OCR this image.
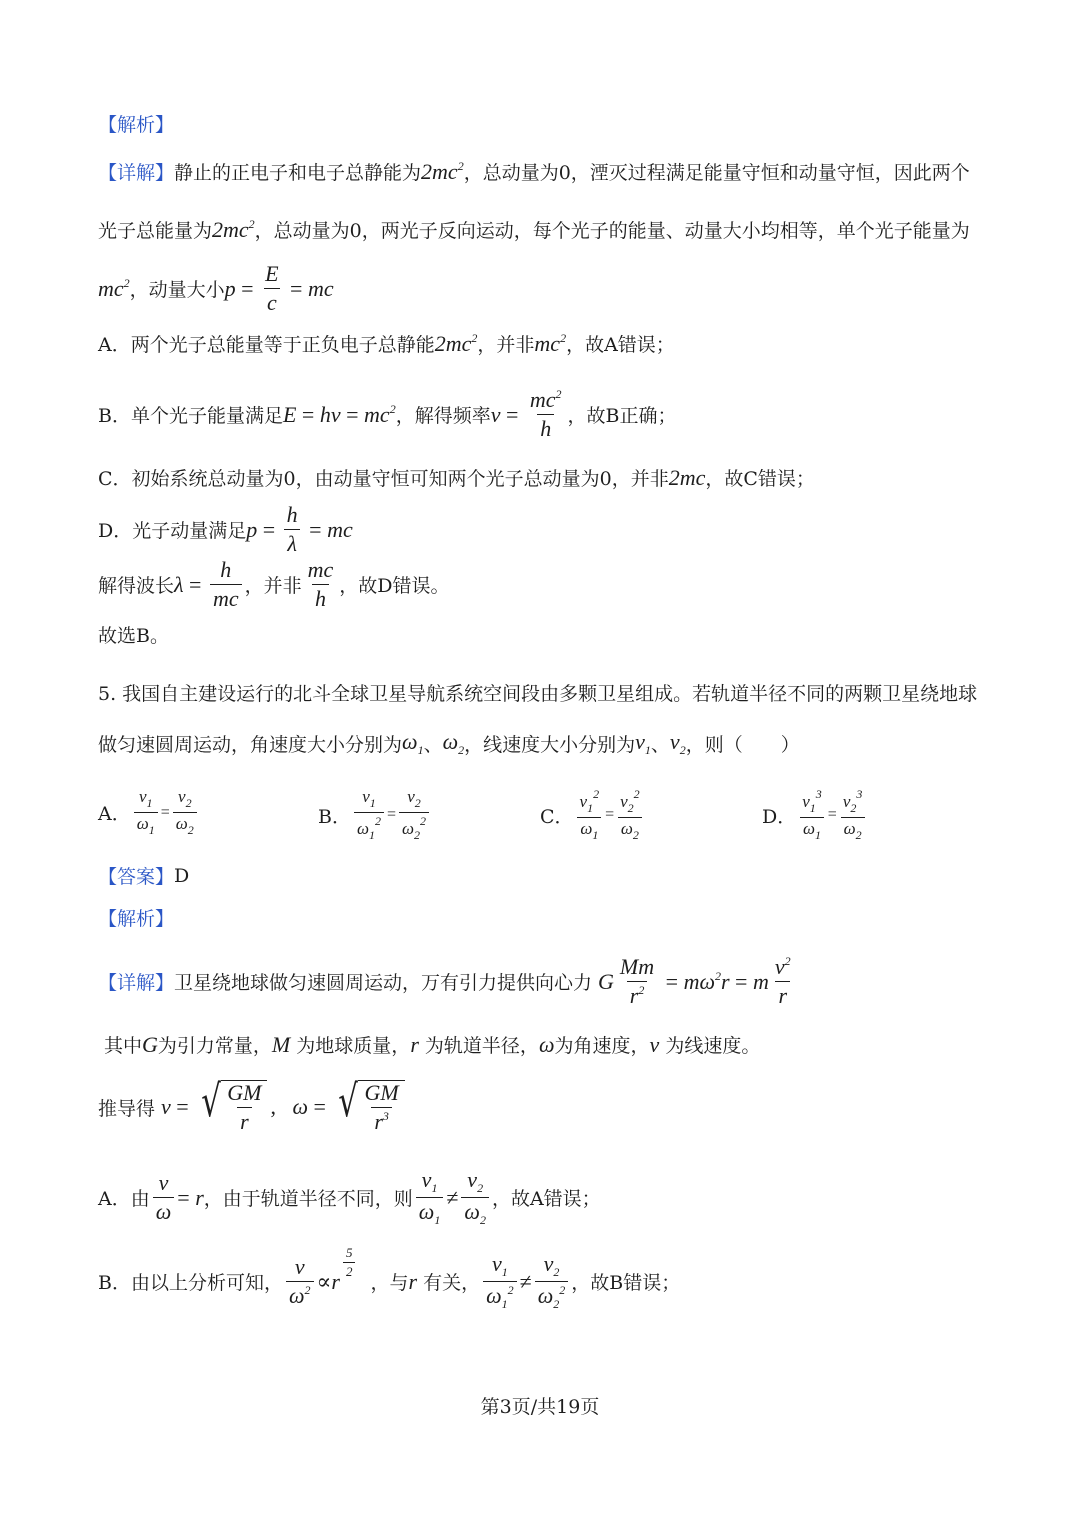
【解析】
【详解】 静止的正电子和电子总静能为 $2mc^2$ ，总动量为0，湮灭过程满足能量守恒和动量守恒，因此两个
光子总能量为 $2mc^2$ ，总动量为0，两光子反向运动，每个光子的能量、动量大小均相等，单个光子能量为
$mc^2$ ，动量大小 $p = \frac{E}{c}$ = mc
A．两个光子总能量等于正负电子总静能 $2mc^2$ ，并非 $mc^2$ ，故A错误；
B．单个光子能量满足 $E = h\nu = mc^2$ ，解得频率 $\nu = \frac{mc^2}{h}$ ，故B正确；
C．初始系统总动量为0，由动量守恒可知两个光子总动量为0，并非 2mc ，故C错误；
D．光子动量满足 $p = \frac{h}{\lambda}$ = mc
解得波长 $\lambda = \frac{h}{mc}$ ，并非 $\frac{mc}{h}$ ，故D错误。
故选B。
5. 我国自主建设运行的北斗全球卫星导航系统空间段由多颗卫星组成。若轨道半径不同的两颗卫星绕地球
做匀速圆周运动，角速度大小分别为 $\omega_1$ 、 $\omega_2$ ，线速度大小分别为 $v_1$ 、 $v_2$ ，则（　　）
A． $\frac{v_1}{\omega_1} = \frac{v_2}{\omega_2}$	B． $\frac{v_1}{\omega_1^2} = \frac{v_2}{\omega_2^2}$	C． $\frac{v_1^2}{\omega_1} = \frac{v_2^2}{\omega_2}$	D． $\frac{v_1^3}{\omega_1} = \frac{v_2^3}{\omega_2}$
【答案】 D
【解析】
【详解】 卫星绕地球做匀速圆周运动，万有引力提供向心力 G $\frac{Mm}{r^2} = m\omega^2r = m \frac{v^2}{r}$
其中 G 为引力常量， M
为地球质量， r
为轨道半径， ω 为角速度， v
为线速度。
推导得 v = √ $\frac{GM}{r}$ , ω = √ $\frac{GM}{r^3}$
A．由 $\frac{v}{\omega} = r$ ，由于轨道半径不同，则 $\frac{v_1}{\omega_1} \ne \frac{v_2}{\omega_2}$ ，故A错误；
B．由以上分析可知， $\frac{v}{\omega^2} \propto r$
$\frac{5}{2}$
，与 r
有关， $\frac{v_1}{\omega_1^2} \ne \frac{v_2}{\omega_2^2}$ ，故B错误；
第3页/共19页
